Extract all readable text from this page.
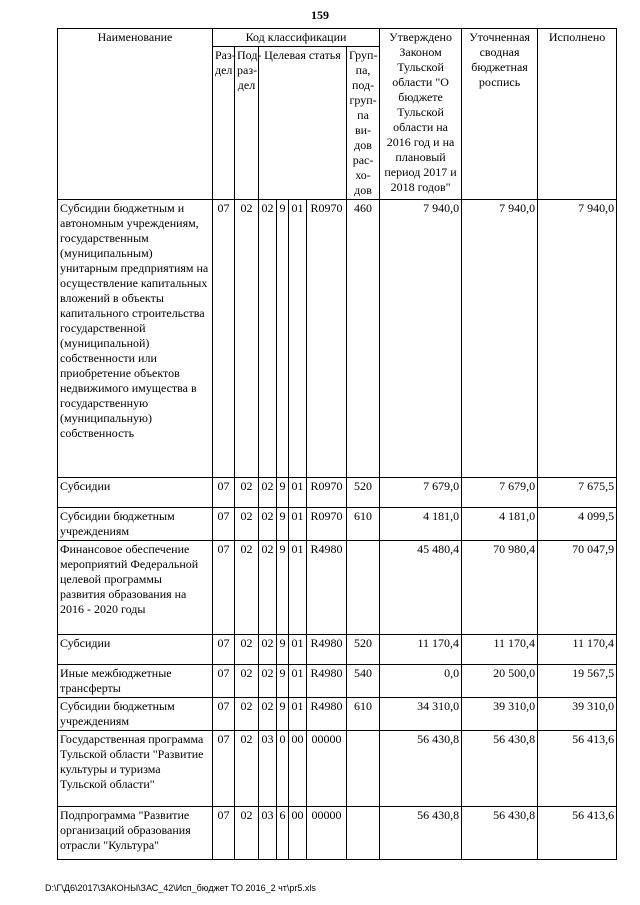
159
Наименование	Код классификации							Утверждено Законом Тульской области "О бюджете Тульской области на 2016 год и на плановый период 2017 и 2018 годов"	Уточненная сводная бюджетная роспись	Исполнено
	Раз-дел	Под-раз-дел	Целевая статья				Груп-па, под-груп-па ви-дов рас-хо-дов			
Субсидии бюджетным и автономным учреждениям, государственным (муниципальным) унитарным предприятиям на осуществление капитальных вложений в объекты капитального строительства государственной (муниципальной) собственности или приобретение объектов недвижимого имущества в государственную (муниципальную) собственность	07	02	02	9	01	R0970	460	7 940,0	7 940,0	7 940,0
Субсидии	07	02	02	9	01	R0970	520	7 679,0	7 679,0	7 675,5
Субсидии бюджетным учреждениям	07	02	02	9	01	R0970	610	4 181,0	4 181,0	4 099,5
Финансовое обеспечение мероприятий Федеральной целевой программы развития образования на 2016 - 2020 годы	07	02	02	9	01	R4980		45 480,4	70 980,4	70 047,9
Субсидии	07	02	02	9	01	R4980	520	11 170,4	11 170,4	11 170,4
Иные межбюджетные трансферты	07	02	02	9	01	R4980	540	0,0	20 500,0	19 567,5
Субсидии бюджетным учреждениям	07	02	02	9	01	R4980	610	34 310,0	39 310,0	39 310,0
Государственная программа Тульской области "Развитие культуры и туризма Тульской области"	07	02	03	0	00	00000		56 430,8	56 430,8	56 413,6
Подпрограмма "Развитие организаций образования отрасли "Культура"	07	02	03	6	00	00000		56 430,8	56 430,8	56 413,6
D:\Г\Д6\2017\ЗАКОНЫ\ЗАС_42\Исп_бюджет ТО 2016_2 чт\pr5.xls
